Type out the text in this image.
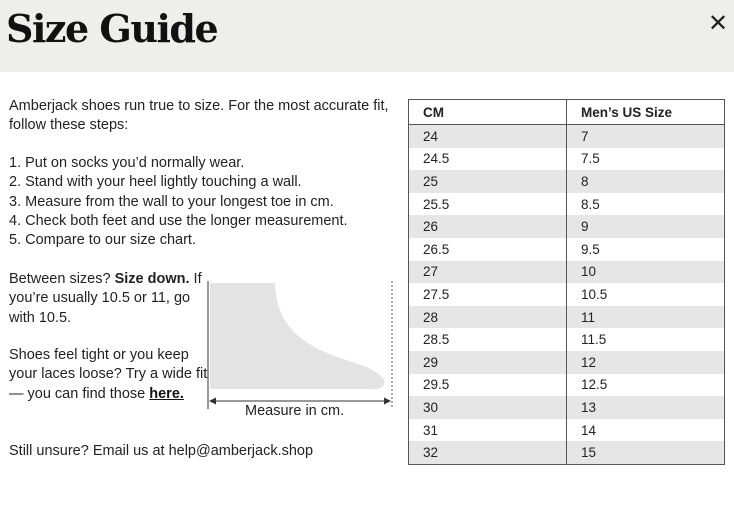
Size Guide	✕
Amberjack shoes run true to size. For the most accurate fit, follow these steps:
1. Put on socks you’d normally wear.
2. Stand with your heel lightly touching a wall.
3. Measure from the wall to your longest toe in cm.
4. Check both feet and use the longer measurement.
5. Compare to our size chart.
Between sizes? Size down. If you’re usually 10.5 or 11, go with 10.5.
Shoes feel tight or you keep your laces loose? Try a wide fit — you can find those here.
Still unsure? Email us at help@amberjack.shop
Measure in cm.
CM	Men’s US Size
24	7
24.5	7.5
25	8
25.5	8.5
26	9
26.5	9.5
27	10
27.5	10.5
28	11
28.5	11.5
29	12
29.5	12.5
30	13
31	14
32	15
